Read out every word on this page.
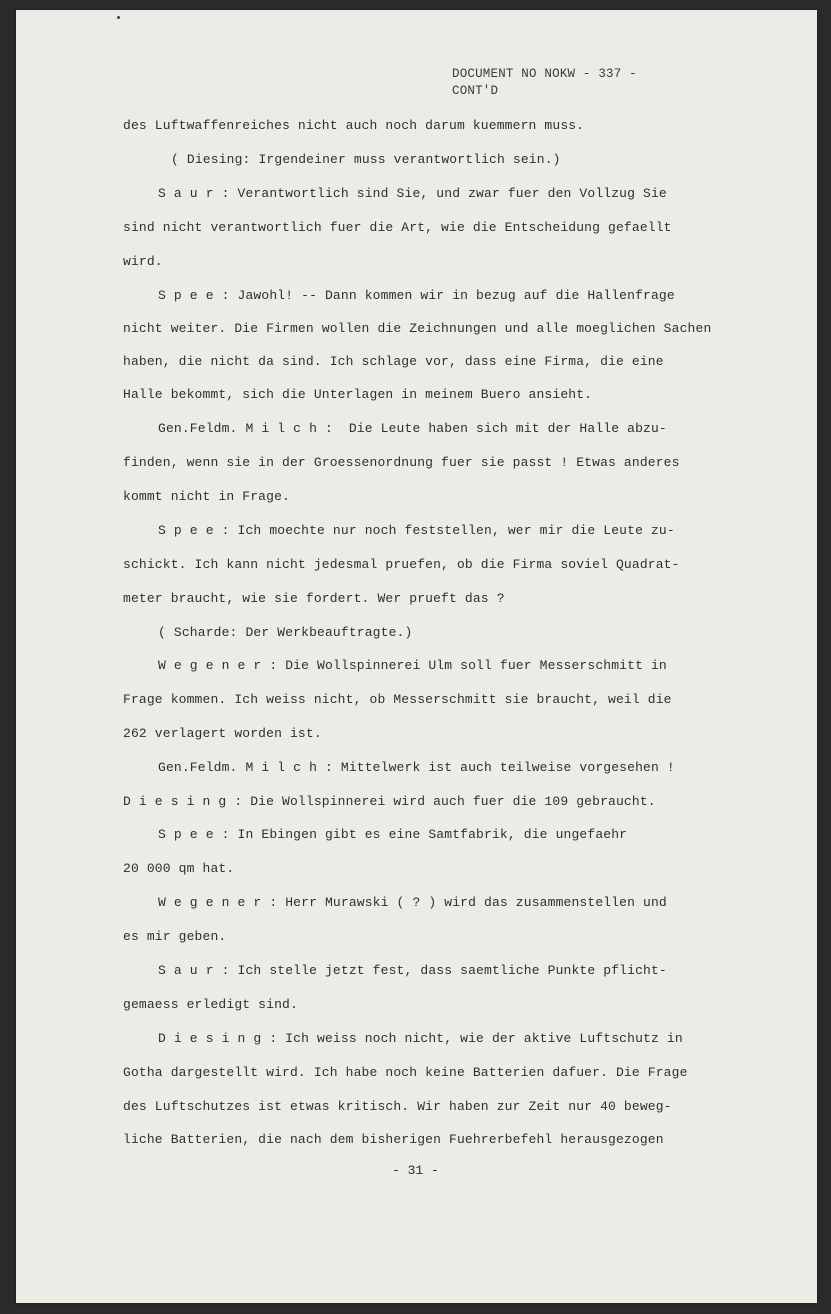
DOCUMENT NO NOKW - 337 -
CONT'D
des Luftwaffenreiches nicht auch noch darum kuemmern muss.
( Diesing: Irgendeiner muss verantwortlich sein.)
S a u r : Verantwortlich sind Sie, und zwar fuer den Vollzug Sie
sind nicht verantwortlich fuer die Art, wie die Entscheidung gefaellt
wird.
S p e e : Jawohl! -- Dann kommen wir in bezug auf die Hallenfrage
nicht weiter. Die Firmen wollen die Zeichnungen und alle moeglichen Sachen
haben, die nicht da sind. Ich schlage vor, dass eine Firma, die eine
Halle bekommt, sich die Unterlagen in meinem Buero ansieht.
Gen.Feldm. M i l c h :  Die Leute haben sich mit der Halle abzu-
finden, wenn sie in der Groessenordnung fuer sie passt ! Etwas anderes
kommt nicht in Frage.
S p e e : Ich moechte nur noch feststellen, wer mir die Leute zu-
schickt. Ich kann nicht jedesmal pruefen, ob die Firma soviel Quadrat-
meter braucht, wie sie fordert. Wer prueft das ?
( Scharde: Der Werkbeauftragte.)
W e g e n e r : Die Wollspinnerei Ulm soll fuer Messerschmitt in
Frage kommen. Ich weiss nicht, ob Messerschmitt sie braucht, weil die
262 verlagert worden ist.
Gen.Feldm. M i l c h : Mittelwerk ist auch teilweise vorgesehen !
D i e s i n g : Die Wollspinnerei wird auch fuer die 109 gebraucht.
S p e e : In Ebingen gibt es eine Samtfabrik, die ungefaehr
20 000 qm hat.
W e g e n e r : Herr Murawski ( ? ) wird das zusammenstellen und
es mir geben.
S a u r : Ich stelle jetzt fest, dass saemtliche Punkte pflicht-
gemaess erledigt sind.
D i e s i n g : Ich weiss noch nicht, wie der aktive Luftschutz in
Gotha dargestellt wird. Ich habe noch keine Batterien dafuer. Die Frage
des Luftschutzes ist etwas kritisch. Wir haben zur Zeit nur 40 beweg-
liche Batterien, die nach dem bisherigen Fuehrerbefehl herausgezogen
- 31 -
